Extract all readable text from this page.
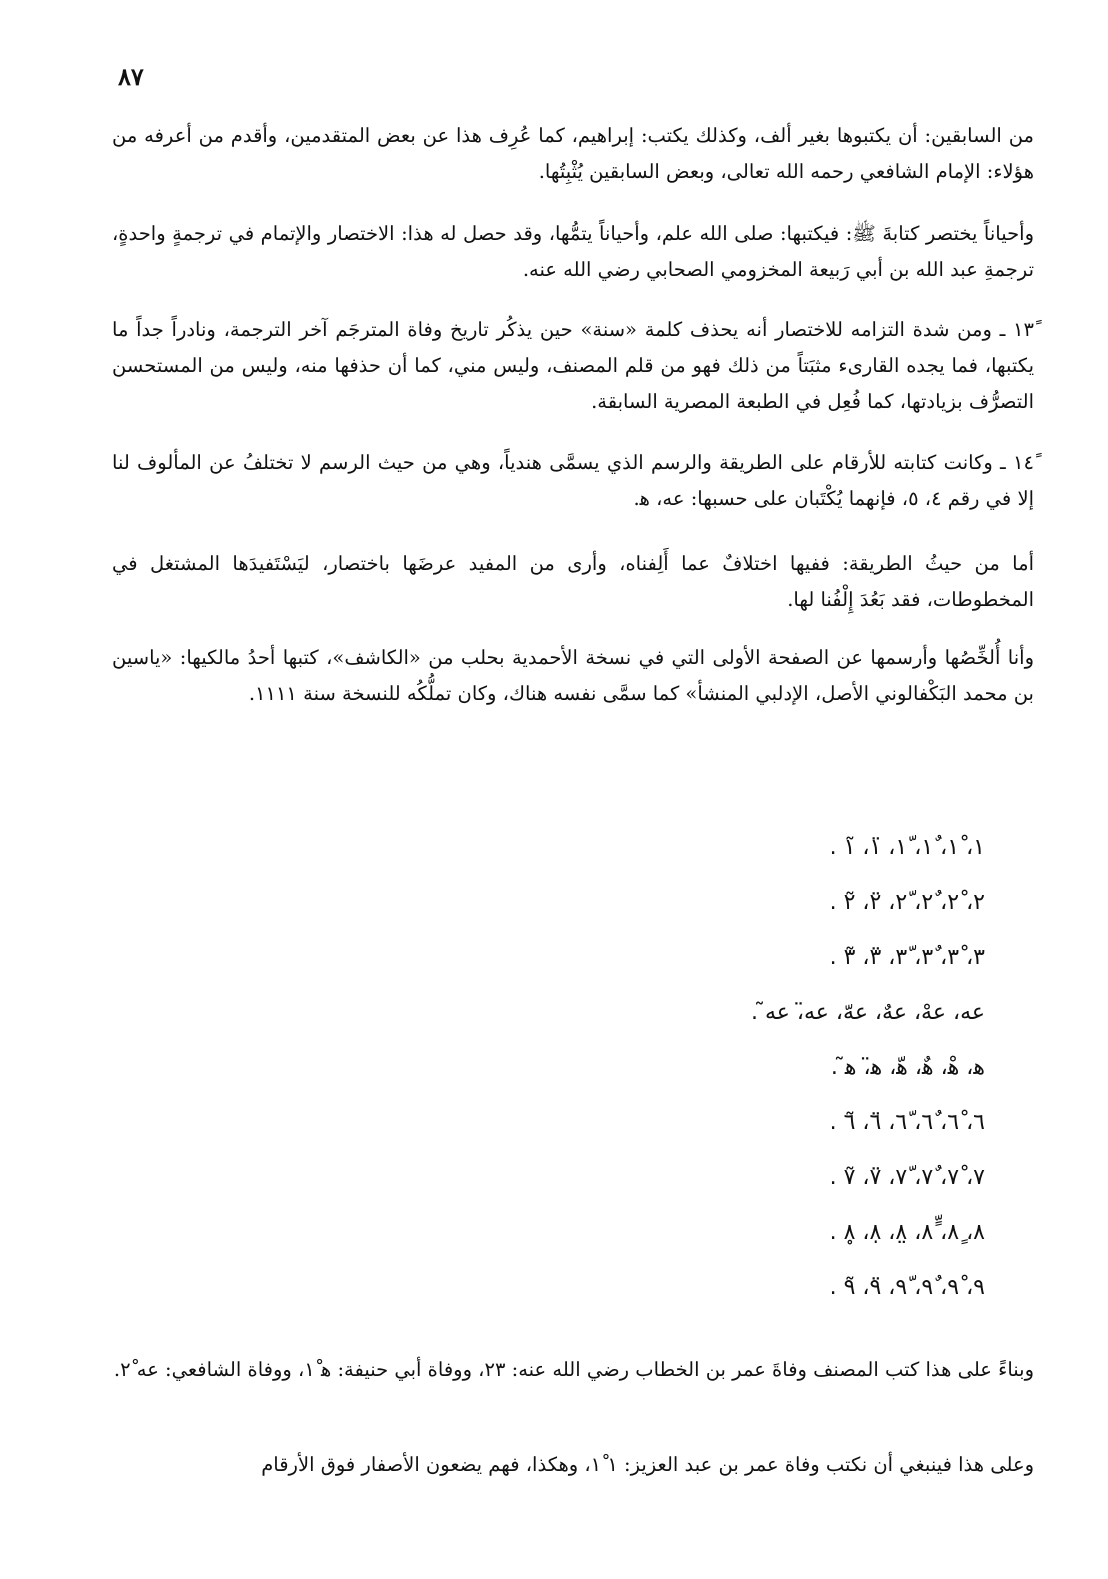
٨٧

من السابقين: أن يكتبوها بغير ألف، وكذلك يكتب: إبراهيم، كما عُرِف هذا عن بعض المتقدمين، وأقدم من أعرفه من هؤلاء: الإمام الشافعي رحمه الله تعالى، وبعض السابقين يُثْبِتُها.

وأحياناً يختصر كتابةَ ﷺ: فيكتبها: صلى الله علم، وأحياناً يتمُّها، وقد حصل له هذا: الاختصار والإتمام في ترجمةٍ واحدةٍ، ترجمةِ عبد الله بن أبي رَبيعة المخزومي الصحابي رضي الله عنه.

١٣ً ـ ومن شدة التزامه للاختصار أنه يحذف كلمة «سنة» حين يذكُر تاريخ وفاة المترجَم آخر الترجمة، ونادراً جداً ما يكتبها، فما يجده القارىء مثبَتاً من ذلك فهو من قلم المصنف، وليس مني، كما أن حذفها منه، وليس من المستحسن التصرُّف بزيادتها، كما فُعِل في الطبعة المصرية السابقة.

١٤ً ـ وكانت كتابته للأرقام على الطريقة والرسم الذي يسمَّى هندياً، وهي من حيث الرسم لا تختلفُ عن المألوف لنا إلا في رقم ٤، ٥، فإنهما يُكْتَبان على حسبها: عه، ﻫ.

أما من حيثُ الطريقة: ففيها اختلافٌ عما أَلِفناه، وأرى من المفيد عرضَها باختصار، ليَسْتَفيدَها المشتغل في المخطوطات، فقد بَعُدَ إِلْفُنا لها.

وأنا أُلخِّصُها وأرسمها عن الصفحة الأولى التي في نسخة الأحمدية بحلب من «الكاشف»، كتبها أحدُ مالكيها: «ياسين بن محمد البَكْفالوني الأصل، الإدلبي المنشأ» كما سمَّى نفسه هناك، وكان تملُّكُه للنسخة سنة ١١١١.

١، ١ْ، ١ٌ، ١ّ، ١̈، ١̃ .
٢، ٢ْ، ٢ٌ، ٢ّ، ٢̈، ٢̃ .
٣، ٣ْ، ٣ٌ، ٣ّ، ٣̈، ٣̃ .
عه، عهْ، عهٌ، عهّ، عه̈، عه̃ .
ﻫ، ﻫْ، ﻫٌ، ﻫّ، ﻫ̈، ﻫ̃ .
٦، ٦ْ، ٦ٌ، ٦ّ، ٦̈، ٦̃ .
٧، ٧ْ، ٧ٌ، ٧ّ، ٧̈، ٧̃ .
٨، ٨ٍ، ٨ٍّ، ٨̤، ٨̣، ٨̥ .
٩، ٩ْ، ٩ٌ، ٩ّ، ٩̈، ٩̃ .

وبناءً على هذا كتب المصنف وفاةَ عمر بن الخطاب رضي الله عنه: ٢٣، ووفاة أبي حنيفة: ﻫ ١ْ، ووفاة الشافعي: عه ٢ْ.

وعلى هذا فينبغي أن نكتب وفاة عمر بن عبد العزيز: ١ ١ْ، وهكذا، فهم يضعون الأصفار فوق الأرقام
